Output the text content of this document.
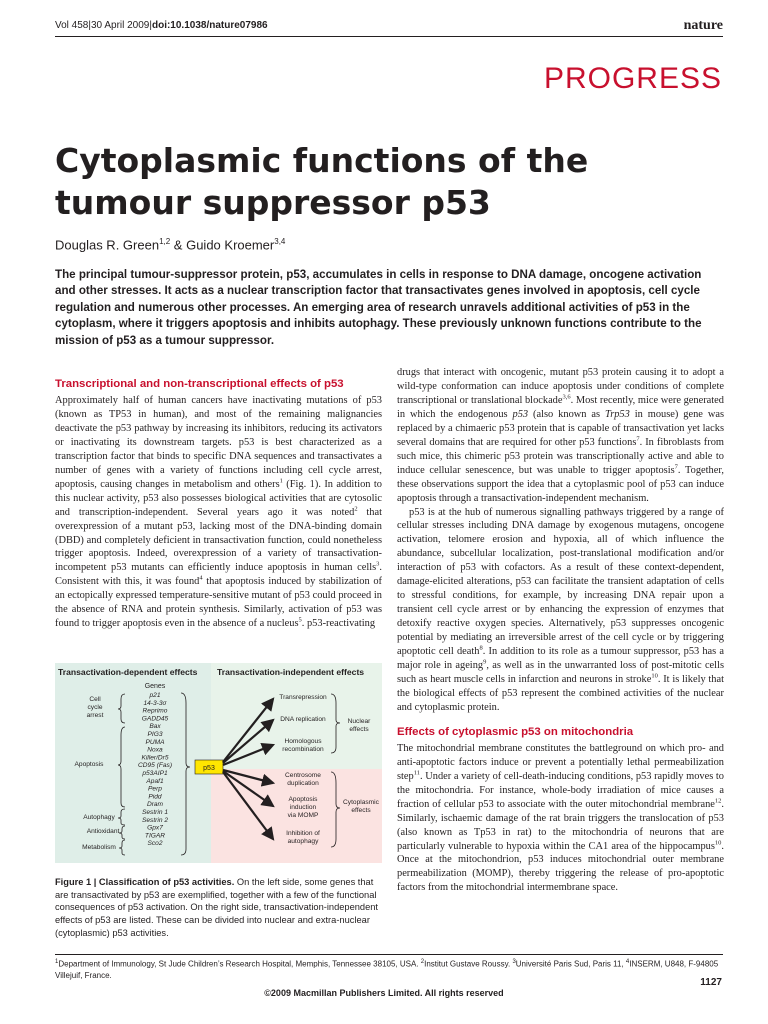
Vol 458|30 April 2009|doi:10.1038/nature07986	nature
PROGRESS
Cytoplasmic functions of the tumour suppressor p53
Douglas R. Green$^{1,2}$ & Guido Kroemer$^{3,4}$

The principal tumour-suppressor protein, p53, accumulates in cells in response to DNA damage, oncogene activation and other stresses. It acts as a nuclear transcription factor that transactivates genes involved in apoptosis, cell cycle regulation and numerous other processes. An emerging area of research unravels additional activities of p53 in the cytoplasm, where it triggers apoptosis and inhibits autophagy. These previously unknown functions contribute to the mission of p53 as a tumour suppressor.

Transcriptional and non-transcriptional effects of p53

Approximately half of human cancers have inactivating mutations of p53 (known as TP53 in human), and most of the remaining malignancies deactivate the p53 pathway by increasing its inhibitors, reducing its activators or inactivating its downstream targets. p53 is best characterized as a transcription factor that binds to specific DNA sequences and transactivates a number of genes with a variety of functions including cell cycle arrest, apoptosis, causing changes in metabolism and others$^1$ (Fig. 1). In addition to this nuclear activity, p53 also possesses biological activities that are cytosolic and transcription-independent. Several years ago it was noted$^2$ that overexpression of a mutant p53, lacking most of the DNA-binding domain (DBD) and completely deficient in transactivation function, could nonetheless trigger apoptosis. Indeed, overexpression of a variety of transactivation-incompetent p53 mutants can efficiently induce apoptosis in human cells$^3$. Consistent with this, it was found$^4$ that apoptosis induced by stabilization of an ectopically expressed temperature-sensitive mutant of p53 could proceed in the absence of RNA and protein synthesis. Similarly, activation of p53 was found to trigger apoptosis even in the absence of a nucleus$^5$. p53-reactivating

Transactivation-dependent effects Transactivation-independent effects
Genes
p21
14-3-3σ
Reprimo
GADD45
Bax
PIG3
PUMA
Noxa
Killer/Dr5
CD95 (Fas)
p53AIP1
Apaf1
Perp
Pidd
Dram
Sestrin 1
Sestrin 2
Gpx7
TIGAR
Sco2
Cell
cycle
arrest
Apoptosis
Autophagy
Antioxidant
Metabolism
p53
Transrepression
DNA replication
Homologous
recombination
Nuclear
effects
Centrosome
duplication
Apoptosis
induction
via MOMP
Inhibition of
autophagy
Cytoplasmic
effects

Figure 1 | Classification of p53 activities. On the left side, some genes that are transactivated by p53 are exemplified, together with a few of the functional consequences of p53 activation. On the right side, transactivation-independent effects of p53 are listed. These can be divided into nuclear and extra-nuclear (cytoplasmic) p53 activities.

drugs that interact with oncogenic, mutant p53 protein causing it to adopt a wild-type conformation can induce apoptosis under conditions of complete transcriptional or translational blockade$^{3,6}$. Most recently, mice were generated in which the endogenous p53 (also known as Trp53 in mouse) gene was replaced by a chimaeric p53 protein that is capable of transactivation yet lacks several domains that are required for other p53 functions$^7$. In fibroblasts from such mice, this chimeric p53 protein was transcriptionally active and able to induce cellular senescence, but was unable to trigger apoptosis$^7$. Together, these observations support the idea that a cytoplasmic pool of p53 can induce apoptosis through a transactivation-independent mechanism.

p53 is at the hub of numerous signalling pathways triggered by a range of cellular stresses including DNA damage by exogenous mutagens, oncogene activation, telomere erosion and hypoxia, all of which influence the abundance, subcellular localization, post-translational modification and/or interaction of p53 with cofactors. As a result of these context-dependent, damage-elicited alterations, p53 can facilitate the transient adaptation of cells to stressful conditions, for example, by increasing DNA repair upon a transient cell cycle arrest or by enhancing the expression of enzymes that detoxify reactive oxygen species. Alternatively, p53 suppresses oncogenic potential by mediating an irreversible arrest of the cell cycle or by triggering apoptotic cell death$^8$. In addition to its role as a tumour suppressor, p53 has a major role in ageing$^9$, as well as in the unwarranted loss of post-mitotic cells such as heart muscle cells in infarction and neurons in stroke$^{10}$. It is likely that the biological effects of p53 represent the combined activities of the nuclear and cytoplasmic protein.

Effects of cytoplasmic p53 on mitochondria

The mitochondrial membrane constitutes the battleground on which pro- and anti-apoptotic factors induce or prevent a potentially lethal permeabilization step$^{11}$. Under a variety of cell-death-inducing conditions, p53 rapidly moves to the mitochondria. For instance, whole-body irradiation of mice causes a fraction of cellular p53 to associate with the outer mitochondrial membrane$^{12}$. Similarly, ischaemic damage of the rat brain triggers the translocation of p53 (also known as Tp53 in rat) to the mitochondria of neurons that are particularly vulnerable to hypoxia within the CA1 area of the hippocampus$^{10}$. Once at the mitochondrion, p53 induces mitochondrial outer membrane permeabilization (MOMP), thereby triggering the release of pro-apoptotic factors from the mitochondrial intermembrane space.

$^1$Department of Immunology, St Jude Children’s Research Hospital, Memphis, Tennessee 38105, USA. $^2$Institut Gustave Roussy. $^3$Université Paris Sud, Paris 11, $^4$INSERM, U848, F-94805 Villejuif, France.

1127
©2009 Macmillan Publishers Limited. All rights reserved
